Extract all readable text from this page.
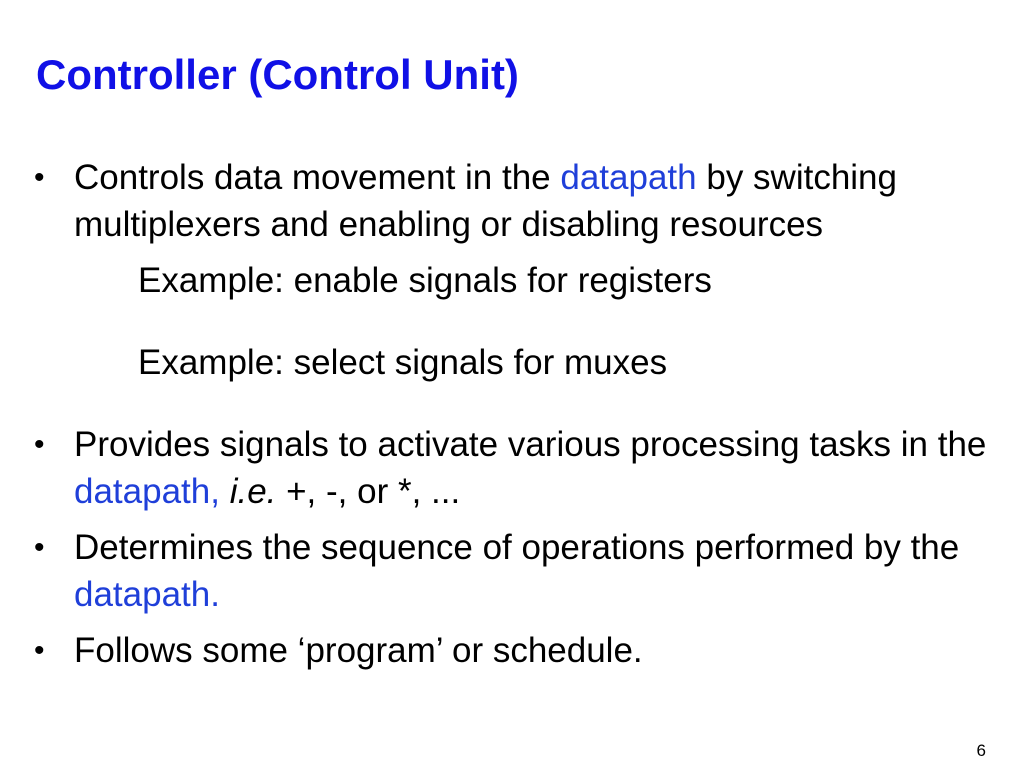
Controller (Control Unit)

• Controls data movement in the datapath by switching multiplexers and enabling or disabling resources

Example: enable signals for registers

Example: select signals for muxes

• Provides signals to activate various processing tasks in the datapath, i.e. +, -, or *, ...

• Determines the sequence of operations performed by the datapath.

• Follows some ‘program’ or schedule.

6
